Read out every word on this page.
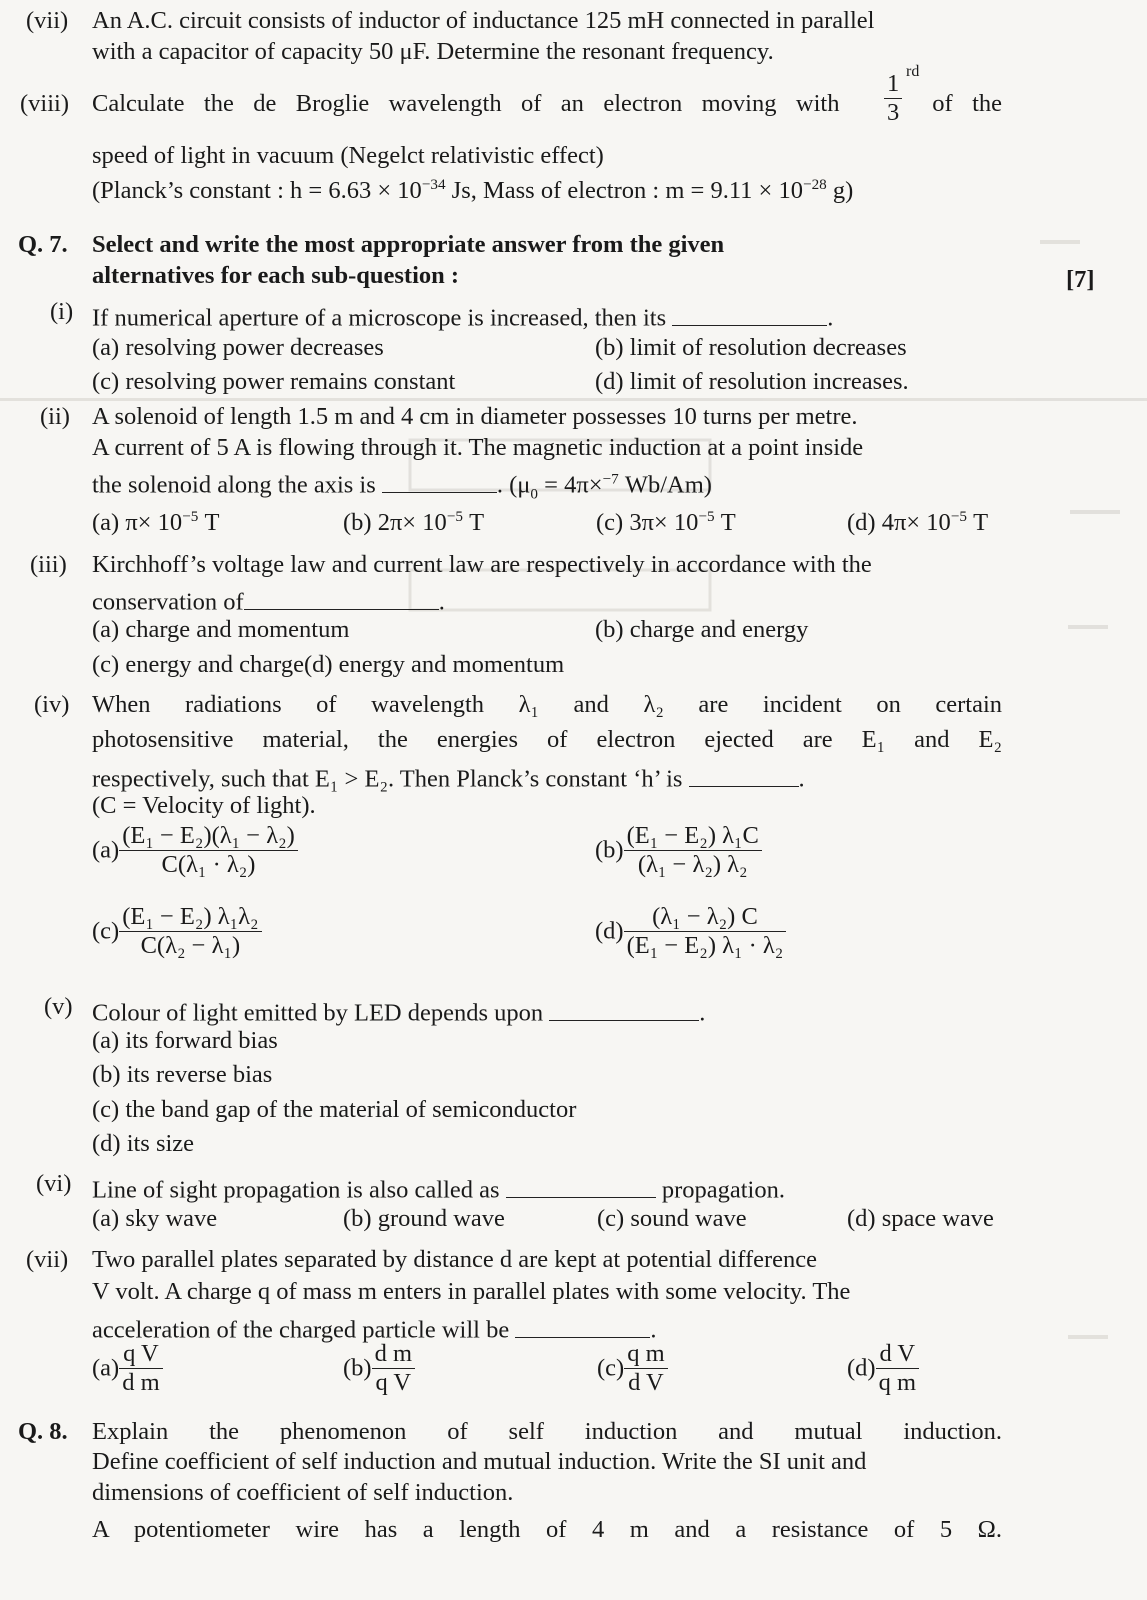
(vii) An A.C. circuit consists of inductor of inductance 125 mH connected in parallel
with a capacitor of capacity 50 μF. Determine the resonant frequency.
(viii) Calculate the de Broglie wavelength of an electron moving with	of the
$\frac{1 rd}{3}$
speed of light in vacuum (Negelct relativistic effect)
(Planck’s constant : $h = 6.63 \times 10^{-34}$ Js, Mass of electron : $m = 9.11 \times 10^{-28}$ g)
Q. 7. Select and write the most appropriate answer from the given
alternatives for each sub-question :	[7]
(i) If numerical aperture of a microscope is increased, then its	.
(a) resolving power decreases	(b) limit of resolution decreases
(c) resolving power remains constant	(d) limit of resolution increases.
(ii) A solenoid of length 1.5 m and 4 cm in diameter possesses 10 turns per metre.
A current of 5 A is flowing through it. The magnetic induction at a point inside
the solenoid along the axis is	. ($\mu_0 = 4\pi\times^{-7}$ Wb/Am)
(a) $\pi\times 10^{-5}$ T	(b) $2\pi\times 10^{-5}$ T	(c) $3\pi\times 10^{-5}$ T	(d) $4\pi\times 10^{-5}$ T
(iii) Kirchhoff’s voltage law and current law are respectively in accordance with the
conservation of	.
(a) charge and momentum	(b) charge and energy
(c) energy and charge(d) energy and momentum
(iv) When radiations of wavelength λ₁ and λ₂ are incident on certain
photosensitive material, the energies of electron ejected are E₁ and E₂
respectively, such that E₁ > E₂. Then Planck’s constant ‘h’ is	.
(C = Velocity of light).
$(a) \frac{\text{(E₁ − E₂)(λ₁ − λ₂)}}{\text{C(λ₁ · λ₂)}}$	$(b) \frac{\text{(E₁ − E₂) λ₁C}}{\text{(λ₁ − λ₂) λ₂}}$
$(c) \frac{\text{(E₁ − E₂) λ₁λ₂}}{\text{C(λ₂ − λ₁)}}$	$(d) \frac{\text{(λ₁ − λ₂) C}}{\text{(E₁ − E₂) λ₁ · λ₂}}$
(v) Colour of light emitted by LED depends upon	.
(a) its forward bias
(b) its reverse bias
(c) the band gap of the material of semiconductor
(d) its size
(vi) Line of sight propagation is also called as	propagation.
(a) sky wave	(b) ground wave	(c) sound wave	(d) space wave
(vii) Two parallel plates separated by distance d are kept at potential difference
V volt. A charge q of mass m enters in parallel plates with some velocity. The
acceleration of the charged particle will be	.
$(a) \frac{\text{q V}}{\text{d m}}$	$(b) \frac{\text{d m}}{\text{q V}}$	$(c) \frac{\text{q m}}{\text{d V}}$	$(d) \frac{\text{d V}}{\text{q m}}$
Q. 8. Explain the phenomenon of self induction and mutual induction.
Define coefficient of self induction and mutual induction. Write the SI unit and
dimensions of coefficient of self induction.
A potentiometer wire has a length of 4 m and a resistance of 5 Ω.
